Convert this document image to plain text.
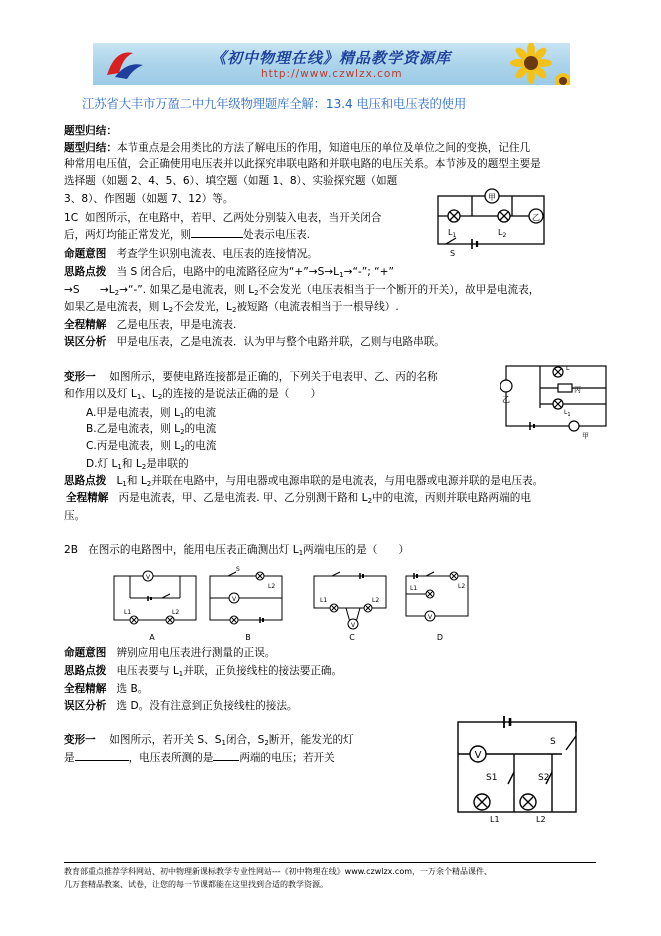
《初中物理在线》精品教学资源库
http://www.czwlzx.com
江苏省大丰市万盈二中九年级物理题库全解：13.4 电压和电压表的使用
题型归结：
题型归结：本节重点是会用类比的方法了解电压的作用，知道电压的单位及单位之间的变换，记住几
种常用电压值，会正确使用电压表并以此探究串联电路和并联电路的电压关系。本节涉及的题型主要是
选择题（如题 2、4、5、6）、填空题（如题 1、8）、实验探究题（如题
3、8）、作图题（如题 7、12）等。	甲
乙
$L_1$	$L_2$
S
1C 如图所示，在电路中，若甲、乙两处分别装入电表，当开关闭合
后，两灯均能正常发光，则	处表示电压表.
命题意图 考查学生识别电流表、电压表的连接情况。
思路点拨 当 S 闭合后，电路中的电流路径应为“$+”\to S\to L_1\to“-$”; “+”
$\to S \to L_2\to“-$”. 如果乙是电流表，则 $L_2$不会发光（电压表相当于一个断开的开关），故甲是电流表，
如果乙是电流表，则 $L_2$不会发光，$L_2$被短路（电流表相当于一根导线）.
全程精解 乙是电压表，甲是电流表.
误区分析 甲是电压表，乙是电流表．认为甲与整个电路并联，乙则与电路串联。
乙
L
丙
$L_1$
甲
变形一 如图所示，要使电路连接都是正确的，下列关于电表甲、乙、丙的名称
和作用以及灯 $L_1$、$L_2$的连接的是说法正确的是（　　）
A.甲是电流表，则 $L_1$的电流
B.乙是电流表，则 $L_2$的电流
C.丙是电流表，则 $L_2$的电流
D.灯 $L_1$和 $L_2$是串联的
思路点拨 $L_1$和 $L_2$并联在电路中，与用电器或电源串联的是电流表，与用电器或电源并联的是电压表。
全程精解 丙是电流表，甲、乙是电流表. 甲、乙分别测干路和 $L_2$中的电流，丙则并联电路两端的电
压。
2B 在图示的电路图中，能用电压表正确测出灯 $L_1$两端电压的是（　　）
V
L1	L2
V
S
L2
V
L1	L2
V
L1	L2
A	B	C	D
命题意图 辨别应用电压表进行测量的正误。
思路点拨 电压表要与 $L_1$并联，正负接线柱的接法要正确。
全程精解 选 B。
误区分析 选 D。没有注意到正负接线柱的接法。
V
S
S1	S2
L1	L2
变形一 如图所示，若开关 S、$S_1$闭合，$S_2$断开，能发光的灯
是	，电压表所测的是 两端的电压；若开关
教育部重点推荐学科网站、初中物理新课标教学专业性网站---《初中物理在线》www.czwlzx.com，一万余个精品课件、
几万套精品教案、试卷，让您的每一节课都能在这里找到合适的教学资源。
